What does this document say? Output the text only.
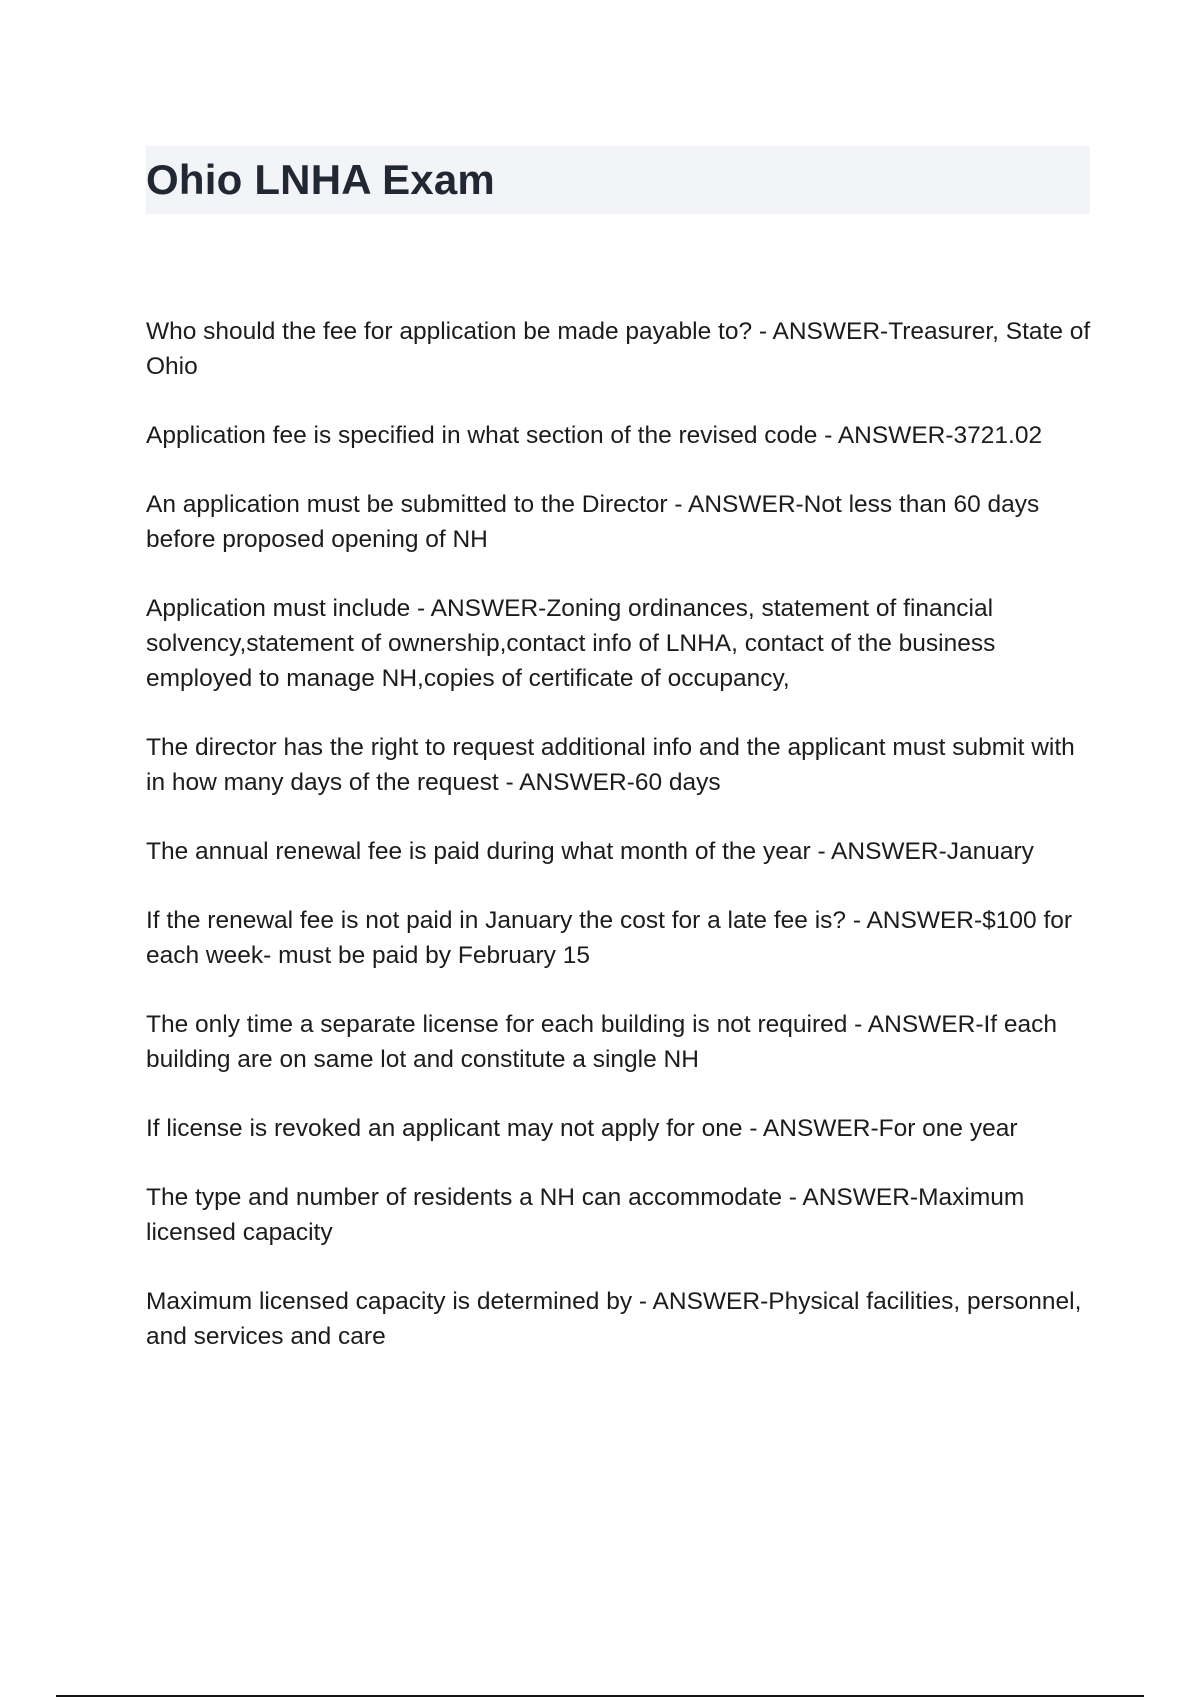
Ohio LNHA Exam
Who should the fee for application be made payable to? - ANSWER-Treasurer, State of Ohio
Application fee is specified in what section of the revised code - ANSWER-3721.02
An application must be submitted to the Director - ANSWER-Not less than 60 days before proposed opening of NH
Application must include - ANSWER-Zoning ordinances, statement of financial solvency,statement of ownership,contact info of LNHA, contact of the business employed to manage NH,copies of certificate of occupancy,
The director has the right to request additional info and the applicant must submit with in how many days of the request - ANSWER-60 days
The annual renewal fee is paid during what month of the year - ANSWER-January
If the renewal fee is not paid in January the cost for a late fee is? - ANSWER-$100 for each week- must be paid by February 15
The only time a separate license for each building is not required - ANSWER-If each building are on same lot and constitute a single NH
If license is revoked an applicant may not apply for one - ANSWER-For one year
The type and number of residents a NH can accommodate - ANSWER-Maximum licensed capacity
Maximum licensed capacity is determined by - ANSWER-Physical facilities, personnel, and services and care
